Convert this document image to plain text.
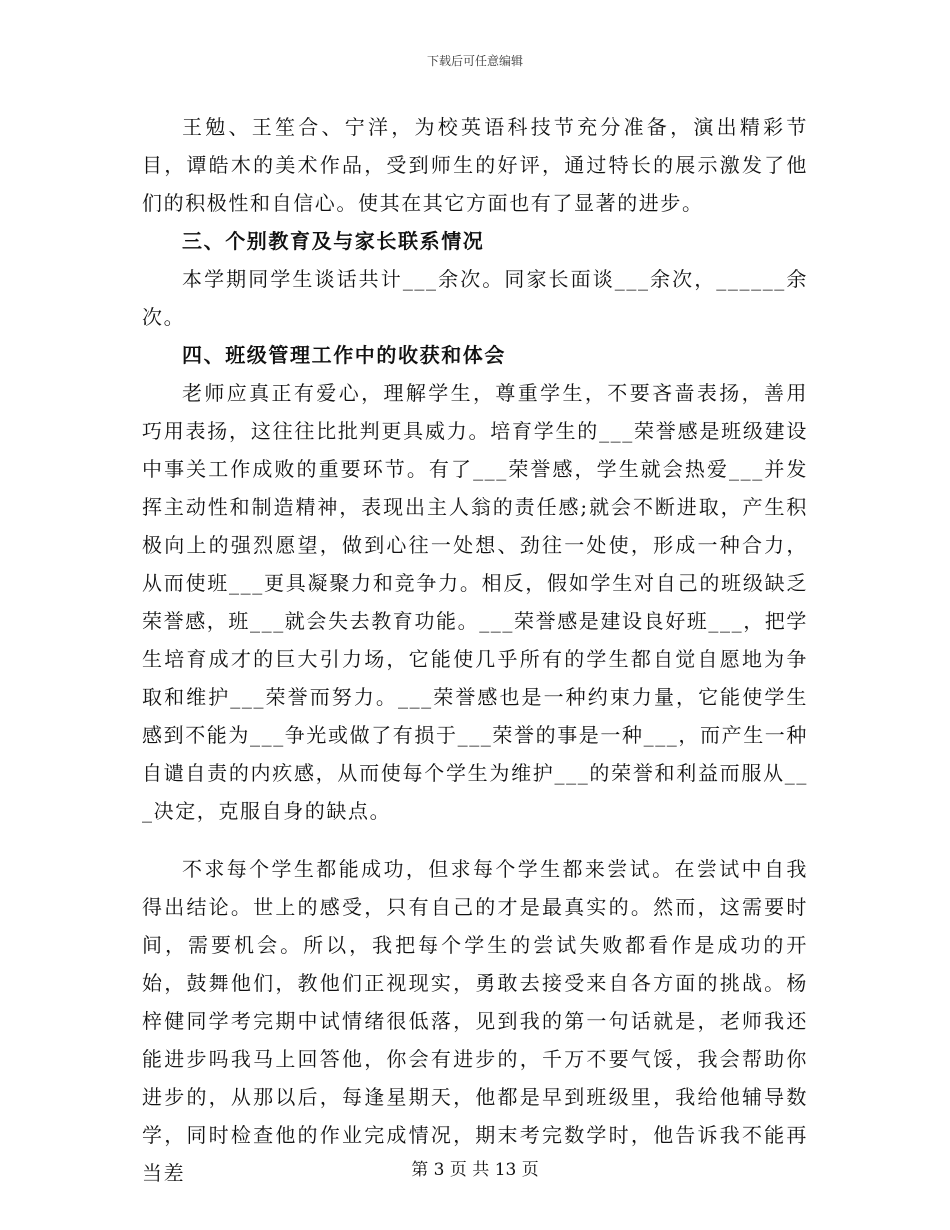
下载后可任意编辑

王勉、王笙合、宁洋，为校英语科技节充分准备，演出精彩节目，谭皓木的美术作品，受到师生的好评，通过特长的展示激发了他们的积极性和自信心。使其在其它方面也有了显著的进步。

三、个别教育及与家长联系情况

本学期同学生谈话共计___余次。同家长面谈___余次，______余次。

四、班级管理工作中的收获和体会

老师应真正有爱心，理解学生，尊重学生，不要吝啬表扬，善用巧用表扬，这往往比批判更具威力。培育学生的___荣誉感是班级建设中事关工作成败的重要环节。有了___荣誉感，学生就会热爱___并发挥主动性和制造精神，表现出主人翁的责任感;就会不断进取，产生积极向上的强烈愿望，做到心往一处想、劲往一处使，形成一种合力，从而使班___更具凝聚力和竞争力。相反，假如学生对自己的班级缺乏荣誉感，班___就会失去教育功能。___荣誉感是建设良好班___，把学生培育成才的巨大引力场，它能使几乎所有的学生都自觉自愿地为争取和维护___荣誉而努力。___荣誉感也是一种约束力量，它能使学生感到不能为___争光或做了有损于___荣誉的事是一种___，而产生一种自谴自责的内疚感，从而使每个学生为维护___的荣誉和利益而服从___决定，克服自身的缺点。

不求每个学生都能成功，但求每个学生都来尝试。在尝试中自我得出结论。世上的感受，只有自己的才是最真实的。然而，这需要时间，需要机会。所以，我把每个学生的尝试失败都看作是成功的开始，鼓舞他们，教他们正视现实，勇敢去接受来自各方面的挑战。杨梓健同学考完期中试情绪很低落，见到我的第一句话就是，老师我还能进步吗我马上回答他，你会有进步的，千万不要气馁，我会帮助你进步的，从那以后，每逢星期天，他都是早到班级里，我给他辅导数学，同时检查他的作业完成情况，期末考完数学时，他告诉我不能再当差	第 3 页 共 13 页
